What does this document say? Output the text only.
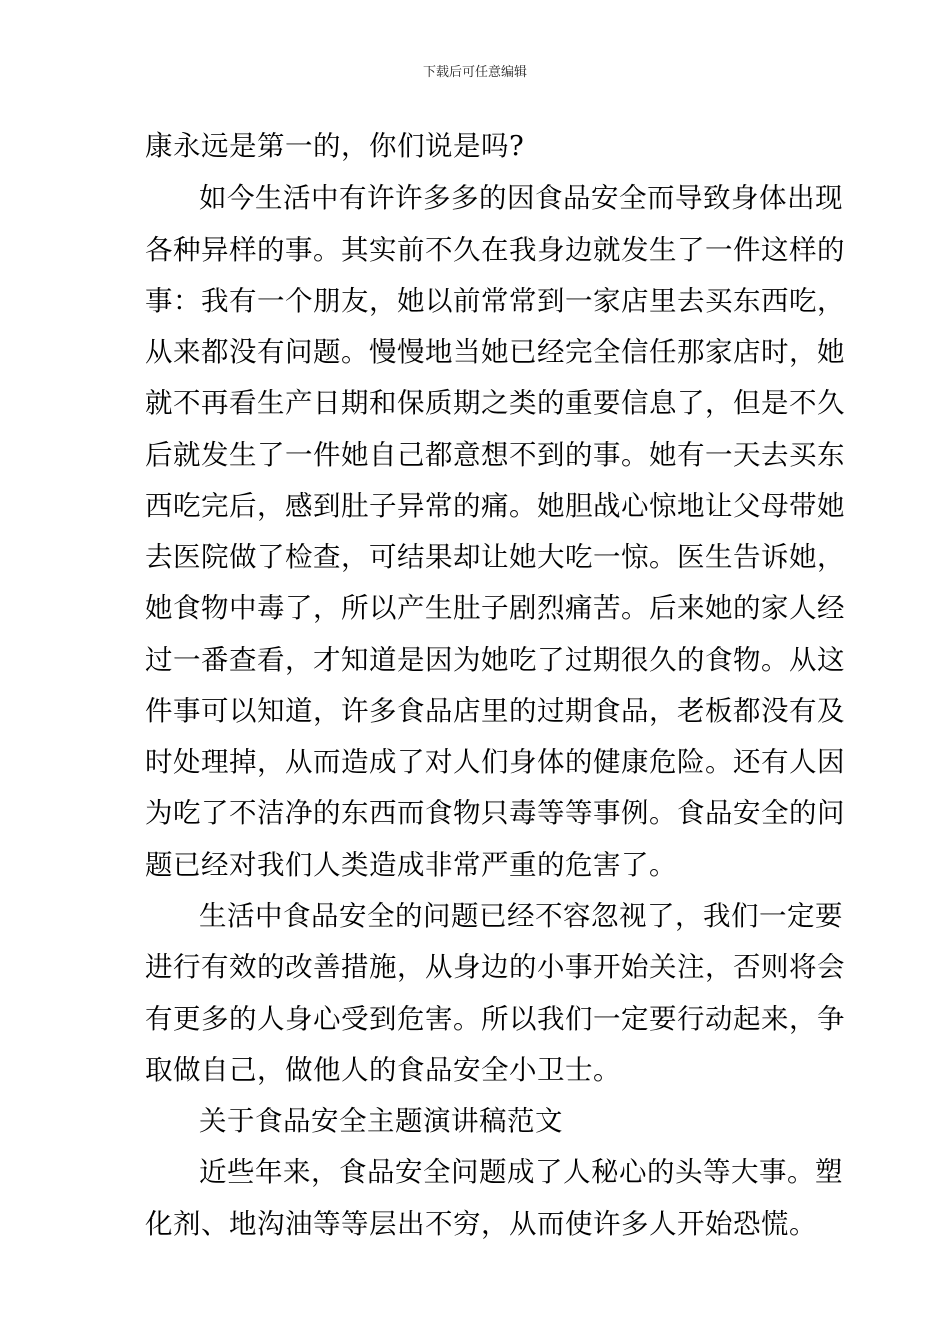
下载后可任意编辑
康永远是第一的，你们说是吗?
如今生活中有许许多多的因食品安全而导致身体出现
各种异样的事。其实前不久在我身边就发生了一件这样的
事：我有一个朋友，她以前常常到一家店里去买东西吃，
从来都没有问题。慢慢地当她已经完全信任那家店时，她
就不再看生产日期和保质期之类的重要信息了，但是不久
后就发生了一件她自己都意想不到的事。她有一天去买东
西吃完后，感到肚子异常的痛。她胆战心惊地让父母带她
去医院做了检查，可结果却让她大吃一惊。医生告诉她，
她食物中毒了，所以产生肚子剧烈痛苦。后来她的家人经
过一番查看，才知道是因为她吃了过期很久的食物。从这
件事可以知道，许多食品店里的过期食品，老板都没有及
时处理掉，从而造成了对人们身体的健康危险。还有人因
为吃了不洁净的东西而食物只毒等等事例。食品安全的问
题已经对我们人类造成非常严重的危害了。
生活中食品安全的问题已经不容忽视了，我们一定要
进行有效的改善措施，从身边的小事开始关注，否则将会
有更多的人身心受到危害。所以我们一定要行动起来，争
取做自己，做他人的食品安全小卫士。
关于食品安全主题演讲稿范文
近些年来，食品安全问题成了人秘心的头等大事。塑
化剂、地沟油等等层出不穷，从而使许多人开始恐慌。
